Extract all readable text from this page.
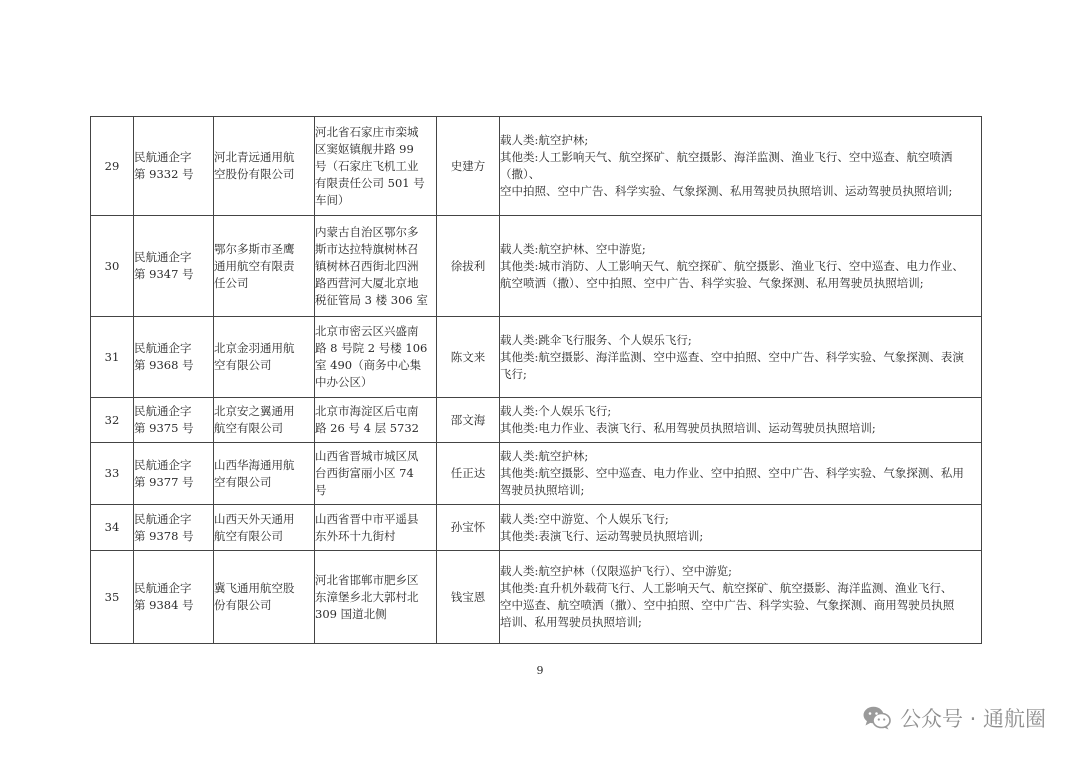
29	民航通企字
第 9332 号	河北青远通用航
空股份有限公司	河北省石家庄市栾城
区窦妪镇舰井路 99
号（石家庄飞机工业
有限责任公司 501 号
车间）	史建方	载人类:航空护林;
其他类:人工影响天气、航空探矿、航空摄影、海洋监测、渔业飞行、空中巡查、航空喷洒（撒）、
空中拍照、空中广告、科学实验、气象探测、私用驾驶员执照培训、运动驾驶员执照培训;

30	民航通企字
第 9347 号	鄂尔多斯市圣鹰
通用航空有限责
任公司	内蒙古自治区鄂尔多
斯市达拉特旗树林召
镇树林召西街北四洲
路西营河大厦北京地
税征管局 3 楼 306 室	徐拔利	载人类:航空护林、空中游览;
其他类:城市消防、人工影响天气、航空探矿、航空摄影、渔业飞行、空中巡查、电力作业、
航空喷洒（撒）、空中拍照、空中广告、科学实验、气象探测、私用驾驶员执照培训;

31	民航通企字
第 9368 号	北京金羽通用航
空有限公司	北京市密云区兴盛南
路 8 号院 2 号楼 106
室 490（商务中心集
中办公区）	陈文来	载人类:跳伞飞行服务、个人娱乐飞行;
其他类:航空摄影、海洋监测、空中巡查、空中拍照、空中广告、科学实验、气象探测、表演
飞行;

32	民航通企字
第 9375 号	北京安之翼通用
航空有限公司	北京市海淀区后屯南
路 26 号 4 层 5732	邵文海	载人类:个人娱乐飞行;
其他类:电力作业、表演飞行、私用驾驶员执照培训、运动驾驶员执照培训;

33	民航通企字
第 9377 号	山西华海通用航
空有限公司	山西省晋城市城区凤
台西街富丽小区 74
号	任正达	载人类:航空护林;
其他类:航空摄影、空中巡查、电力作业、空中拍照、空中广告、科学实验、气象探测、私用
驾驶员执照培训;

34	民航通企字
第 9378 号	山西天外天通用
航空有限公司	山西省晋中市平遥县
东外环十九街村	孙宝怀	载人类:空中游览、个人娱乐飞行;
其他类:表演飞行、运动驾驶员执照培训;

35	民航通企字
第 9384 号	冀飞通用航空股
份有限公司	河北省邯郸市肥乡区
东漳堡乡北大郭村北
309 国道北侧	钱宝恩	载人类:航空护林（仅限巡护飞行）、空中游览;
其他类:直升机外载荷飞行、人工影响天气、航空探矿、航空摄影、海洋监测、渔业飞行、
空中巡查、航空喷洒（撒）、空中拍照、空中广告、科学实验、气象探测、商用驾驶员执照
培训、私用驾驶员执照培训;
9
公众号 · 通航圈
